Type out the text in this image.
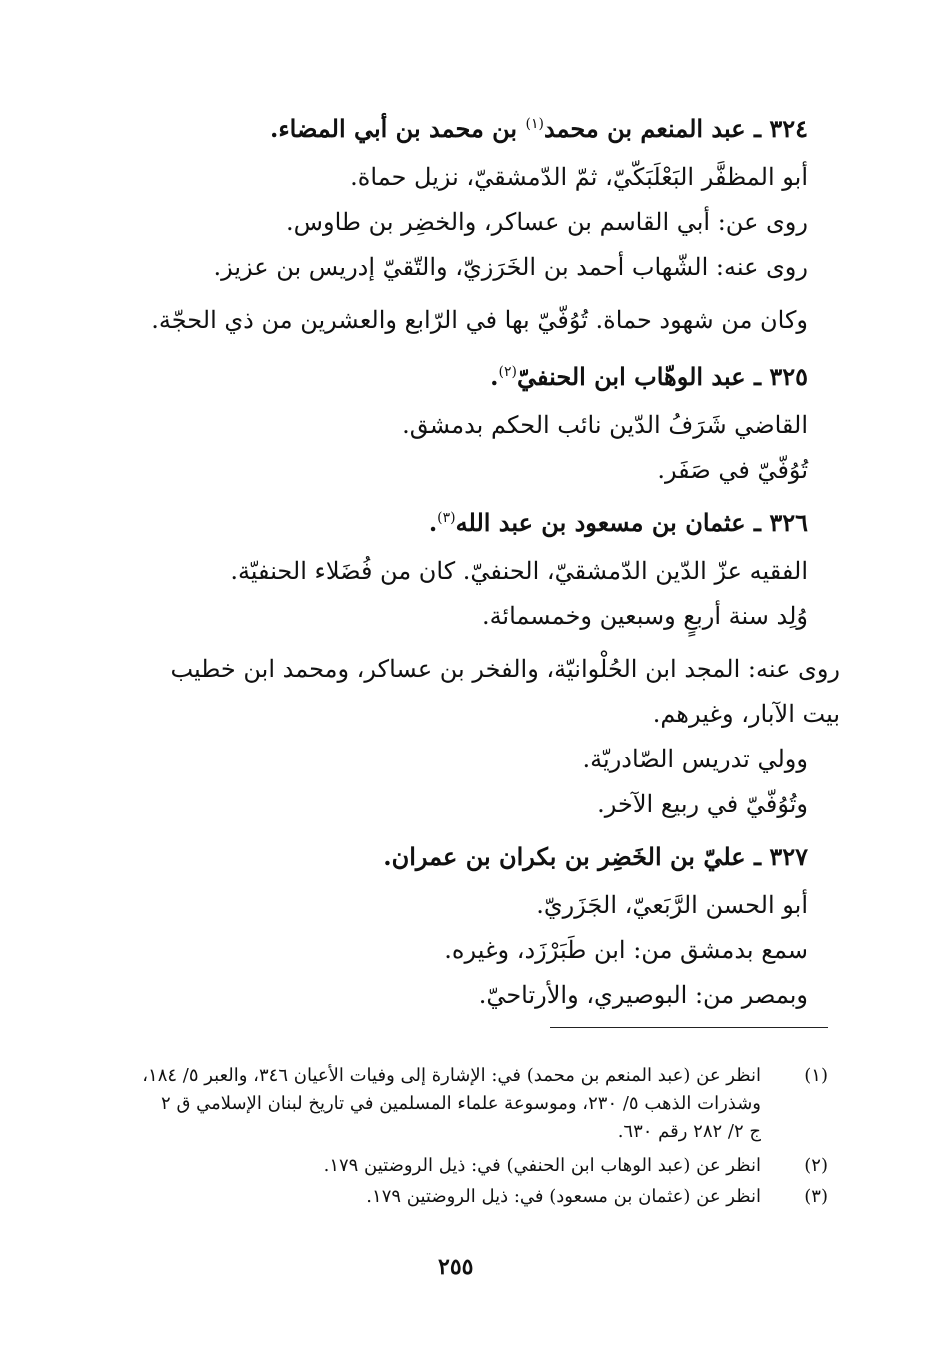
٣٢٤ ـ عبد المنعم بن محمد$^{(١)}$ بن محمد بن أبي المضاء.
أبو المظفَّر البَعْلَبَكّيّ، ثمّ الدّمشقيّ، نزيل حماة.
روى عن: أبي القاسم بن عساكر، والخضِر بن طاوس.
روى عنه: الشّهاب أحمد بن الخَرَزيّ، والتّقيّ إدريس بن عزيز.
وكان من شهود حماة. تُوُفّيّ بها في الرّابع والعشرين من ذي الحجّة.
٣٢٥ ـ عبد الوهّاب ابن الحنفيّ$^{(٢)}$.
القاضي شَرَفُ الدّين نائب الحكم بدمشق.
تُوُفّيّ في صَفَر.
٣٢٦ ـ عثمان بن مسعود بن عبد الله$^{(٣)}$.
الفقيه عزّ الدّين الدّمشقيّ، الحنفيّ. كان من فُضَلاء الحنفيّة.
وُلِد سنة أربعٍ وسبعين وخمسمائة.
روى عنه: المجد ابن الحُلْوانيّة، والفخر بن عساكر، ومحمد ابن خطيب
بيت الآبار، وغيرهم.
وولي تدريس الصّادريّة.
وتُوُفّيّ في ربيع الآخر.
٣٢٧ ـ عليّ بن الخَضِر بن بكران بن عمران.
أبو الحسن الرَّبَعيّ، الجَزَريّ.
سمع بدمشق من: ابن طَبَرْزَد، وغيره.
وبمصر من: البوصيري، والأرتاحيّ.
(١)
انظر عن (عبد المنعم بن محمد) في: الإشارة إلى وفيات الأعيان ٣٤٦، والعبر ٥/ ١٨٤،
وشذرات الذهب ٥/ ٢٣٠، وموسوعة علماء المسلمين في تاريخ لبنان الإسلامي ق ٢
ج ٢/ ٢٨٢ رقم ٦٣٠.
(٢)
انظر عن (عبد الوهاب ابن الحنفي) في: ذيل الروضتين ١٧٩.
(٣)
انظر عن (عثمان بن مسعود) في: ذيل الروضتين ١٧٩.
٢٥٥
